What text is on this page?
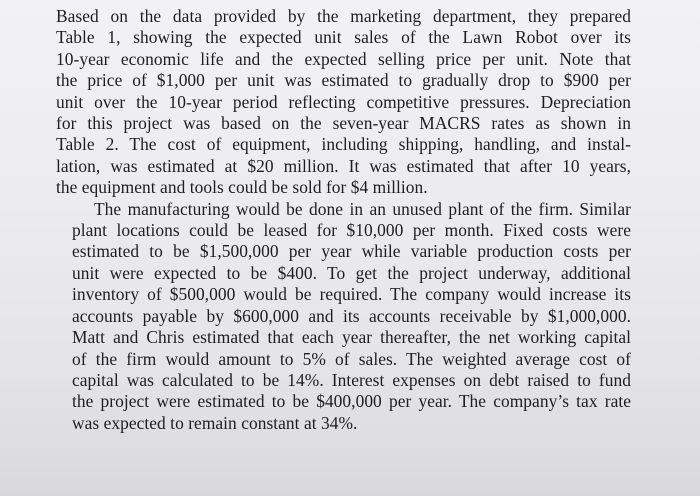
Based on the data provided by the marketing department, they prepared
Table 1, showing the expected unit sales of the Lawn Robot over its
10-year economic life and the expected selling price per unit. Note that
the price of $1,000 per unit was estimated to gradually drop to $900 per
unit over the 10-year period reflecting competitive pressures. Depreciation
for this project was based on the seven-year MACRS rates as shown in
Table 2. The cost of equipment, including shipping, handling, and instal-
lation, was estimated at $20 million. It was estimated that after 10 years,
the equipment and tools could be sold for $4 million.
The manufacturing would be done in an unused plant of the firm. Similar
plant locations could be leased for $10,000 per month. Fixed costs were
estimated to be $1,500,000 per year while variable production costs per
unit were expected to be $400. To get the project underway, additional
inventory of $500,000 would be required. The company would increase its
accounts payable by $600,000 and its accounts receivable by $1,000,000.
Matt and Chris estimated that each year thereafter, the net working capital
of the firm would amount to 5% of sales. The weighted average cost of
capital was calculated to be 14%. Interest expenses on debt raised to fund
the project were estimated to be $400,000 per year. The company’s tax rate
was expected to remain constant at 34%.
